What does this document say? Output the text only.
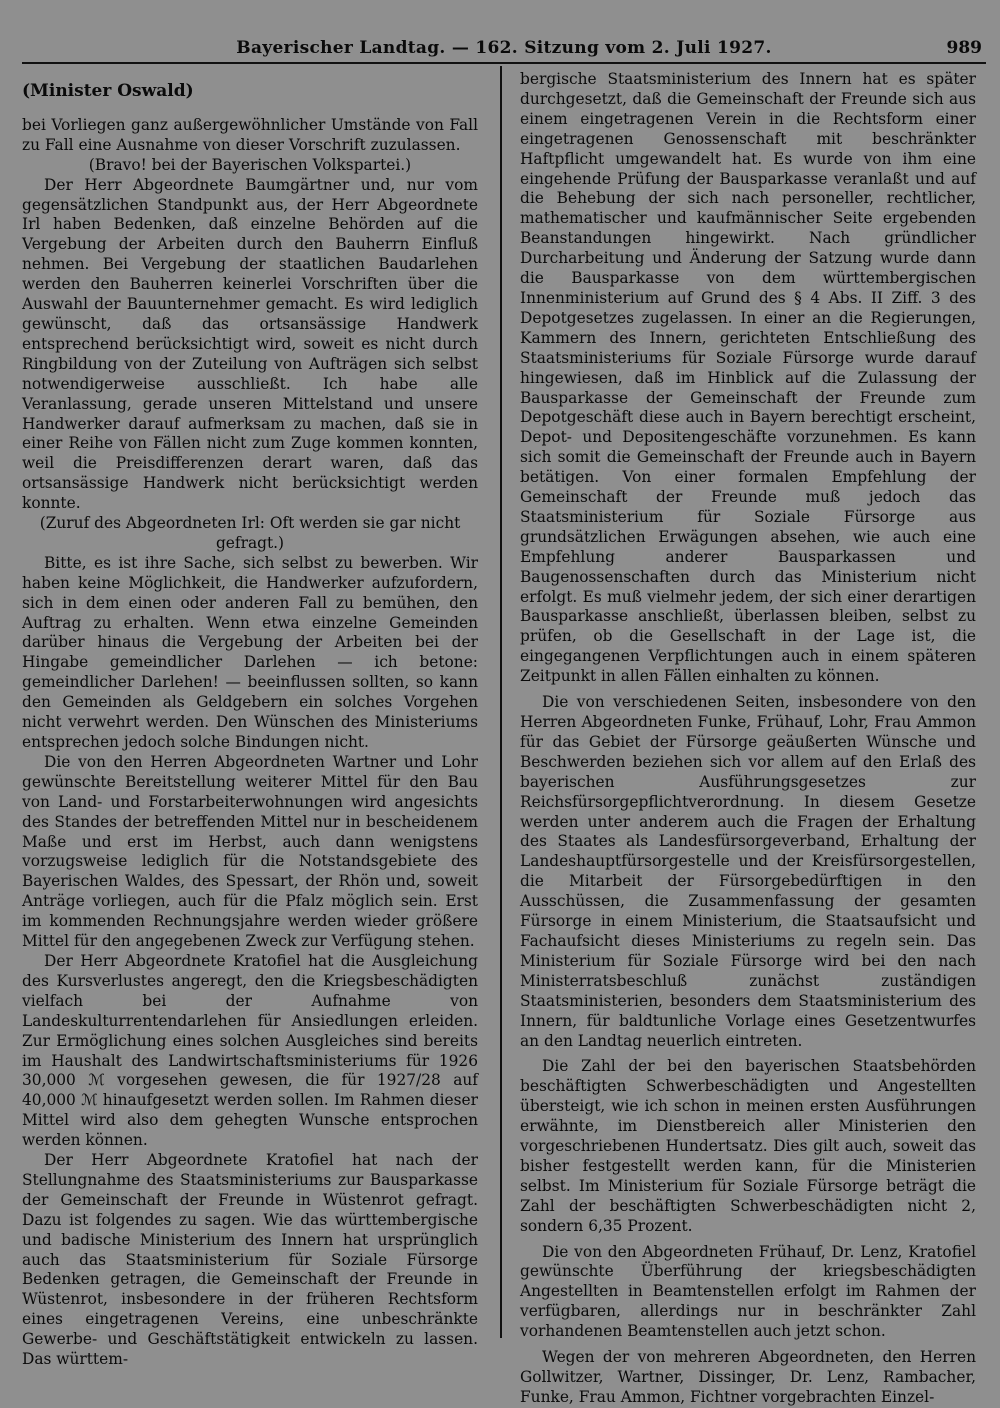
Bayerischer Landtag. — 162. Sitzung vom 2. Juli 1927.	989
(Minister Oswald)

bei Vorliegen ganz außergewöhnlicher Umstände von Fall zu Fall eine Ausnahme von dieser Vorschrift zuzulassen.

(Bravo! bei der Bayerischen Volkspartei.)

Der Herr Abgeordnete Baumgärtner und, nur vom gegensätzlichen Standpunkt aus, der Herr Abgeordnete Irl haben Bedenken, daß einzelne Behörden auf die Vergebung der Arbeiten durch den Bauherrn Einfluß nehmen. Bei Vergebung der staatlichen Baudarlehen werden den Bauherren keinerlei Vorschriften über die Auswahl der Bauunternehmer gemacht. Es wird lediglich gewünscht, daß das ortsansässige Handwerk entsprechend berücksichtigt wird, soweit es nicht durch Ringbildung von der Zuteilung von Aufträgen sich selbst notwendigerweise ausschließt. Ich habe alle Veranlassung, gerade unseren Mittelstand und unsere Handwerker darauf aufmerksam zu machen, daß sie in einer Reihe von Fällen nicht zum Zuge kommen konnten, weil die Preisdifferenzen derart waren, daß das ortsansässige Handwerk nicht berücksichtigt werden konnte.

(Zuruf des Abgeordneten Irl: Oft werden sie gar nicht gefragt.)

Bitte, es ist ihre Sache, sich selbst zu bewerben. Wir haben keine Möglichkeit, die Handwerker aufzufordern, sich in dem einen oder anderen Fall zu bemühen, den Auftrag zu erhalten. Wenn etwa einzelne Gemeinden darüber hinaus die Vergebung der Arbeiten bei der Hingabe gemeindlicher Darlehen — ich betone: gemeindlicher Darlehen! — beeinflussen sollten, so kann den Gemeinden als Geldgebern ein solches Vorgehen nicht verwehrt werden. Den Wünschen des Ministeriums entsprechen jedoch solche Bindungen nicht.

Die von den Herren Abgeordneten Wartner und Lohr gewünschte Bereitstellung weiterer Mittel für den Bau von Land- und Forstarbeiterwohnungen wird angesichts des Standes der betreffenden Mittel nur in bescheidenem Maße und erst im Herbst, auch dann wenigstens vorzugsweise lediglich für die Notstandsgebiete des Bayerischen Waldes, des Spessart, der Rhön und, soweit Anträge vorliegen, auch für die Pfalz möglich sein. Erst im kommenden Rechnungsjahre werden wieder größere Mittel für den angegebenen Zweck zur Verfügung stehen.

Der Herr Abgeordnete Kratofiel hat die Ausgleichung des Kursverlustes angeregt, den die Kriegsbeschädigten vielfach bei der Aufnahme von Landeskulturrentendarlehen für Ansiedlungen erleiden. Zur Ermöglichung eines solchen Ausgleiches sind bereits im Haushalt des Landwirtschaftsministeriums für 1926 30,000 ℳ vorgesehen gewesen, die für 1927/28 auf 40,000 ℳ hinaufgesetzt werden sollen. Im Rahmen dieser Mittel wird also dem gehegten Wunsche entsprochen werden können.

Der Herr Abgeordnete Kratofiel hat nach der Stellungnahme des Staatsministeriums zur Bausparkasse der Gemeinschaft der Freunde in Wüstenrot gefragt. Dazu ist folgendes zu sagen. Wie das württembergische und badische Ministerium des Innern hat ursprünglich auch das Staatsministerium für Soziale Fürsorge Bedenken getragen, die Gemeinschaft der Freunde in Wüstenrot, insbesondere in der früheren Rechtsform eines eingetragenen Vereins, eine unbeschränkte Gewerbe- und Geschäftstätigkeit entwickeln zu lassen. Das württem-

bergische Staatsministerium des Innern hat es später durchgesetzt, daß die Gemeinschaft der Freunde sich aus einem eingetragenen Verein in die Rechtsform einer eingetragenen Genossenschaft mit beschränkter Haftpflicht umgewandelt hat. Es wurde von ihm eine eingehende Prüfung der Bausparkasse veranlaßt und auf die Behebung der sich nach personeller, rechtlicher, mathematischer und kaufmännischer Seite ergebenden Beanstandungen hingewirkt. Nach gründlicher Durcharbeitung und Änderung der Satzung wurde dann die Bausparkasse von dem württembergischen Innenministerium auf Grund des § 4 Abs. II Ziff. 3 des Depotgesetzes zugelassen. In einer an die Regierungen, Kammern des Innern, gerichteten Entschließung des Staatsministeriums für Soziale Fürsorge wurde darauf hingewiesen, daß im Hinblick auf die Zulassung der Bausparkasse der Gemeinschaft der Freunde zum Depotgeschäft diese auch in Bayern berechtigt erscheint, Depot- und Depositengeschäfte vorzunehmen. Es kann sich somit die Gemeinschaft der Freunde auch in Bayern betätigen. Von einer formalen Empfehlung der Gemeinschaft der Freunde muß jedoch das Staatsministerium für Soziale Fürsorge aus grundsätzlichen Erwägungen absehen, wie auch eine Empfehlung anderer Bausparkassen und Baugenossenschaften durch das Ministerium nicht erfolgt. Es muß vielmehr jedem, der sich einer derartigen Bausparkasse anschließt, überlassen bleiben, selbst zu prüfen, ob die Gesellschaft in der Lage ist, die eingegangenen Verpflichtungen auch in einem späteren Zeitpunkt in allen Fällen einhalten zu können.

Die von verschiedenen Seiten, insbesondere von den Herren Abgeordneten Funke, Frühauf, Lohr, Frau Ammon für das Gebiet der Fürsorge geäußerten Wünsche und Beschwerden beziehen sich vor allem auf den Erlaß des bayerischen Ausführungsgesetzes zur Reichsfürsorgepflichtverordnung. In diesem Gesetze werden unter anderem auch die Fragen der Erhaltung des Staates als Landesfürsorgeverband, Erhaltung der Landeshauptfürsorgestelle und der Kreisfürsorgestellen, die Mitarbeit der Fürsorgebedürftigen in den Ausschüssen, die Zusammenfassung der gesamten Fürsorge in einem Ministerium, die Staatsaufsicht und Fachaufsicht dieses Ministeriums zu regeln sein. Das Ministerium für Soziale Fürsorge wird bei den nach Ministerratsbeschluß zunächst zuständigen Staatsministerien, besonders dem Staatsministerium des Innern, für baldtunliche Vorlage eines Gesetzentwurfes an den Landtag neuerlich eintreten.

Die Zahl der bei den bayerischen Staatsbehörden beschäftigten Schwerbeschädigten und Angestellten übersteigt, wie ich schon in meinen ersten Ausführungen erwähnte, im Dienstbereich aller Ministerien den vorgeschriebenen Hundertsatz. Dies gilt auch, soweit das bisher festgestellt werden kann, für die Ministerien selbst. Im Ministerium für Soziale Fürsorge beträgt die Zahl der beschäftigten Schwerbeschädigten nicht 2, sondern 6,35 Prozent.

Die von den Abgeordneten Frühauf, Dr. Lenz, Kratofiel gewünschte Überführung der kriegsbeschädigten Angestellten in Beamtenstellen erfolgt im Rahmen der verfügbaren, allerdings nur in beschränkter Zahl vorhandenen Beamtenstellen auch jetzt schon.

Wegen der von mehreren Abgeordneten, den Herren Gollwitzer, Wartner, Dissinger, Dr. Lenz, Rambacher, Funke, Frau Ammon, Fichtner vorgebrachten Einzel-
